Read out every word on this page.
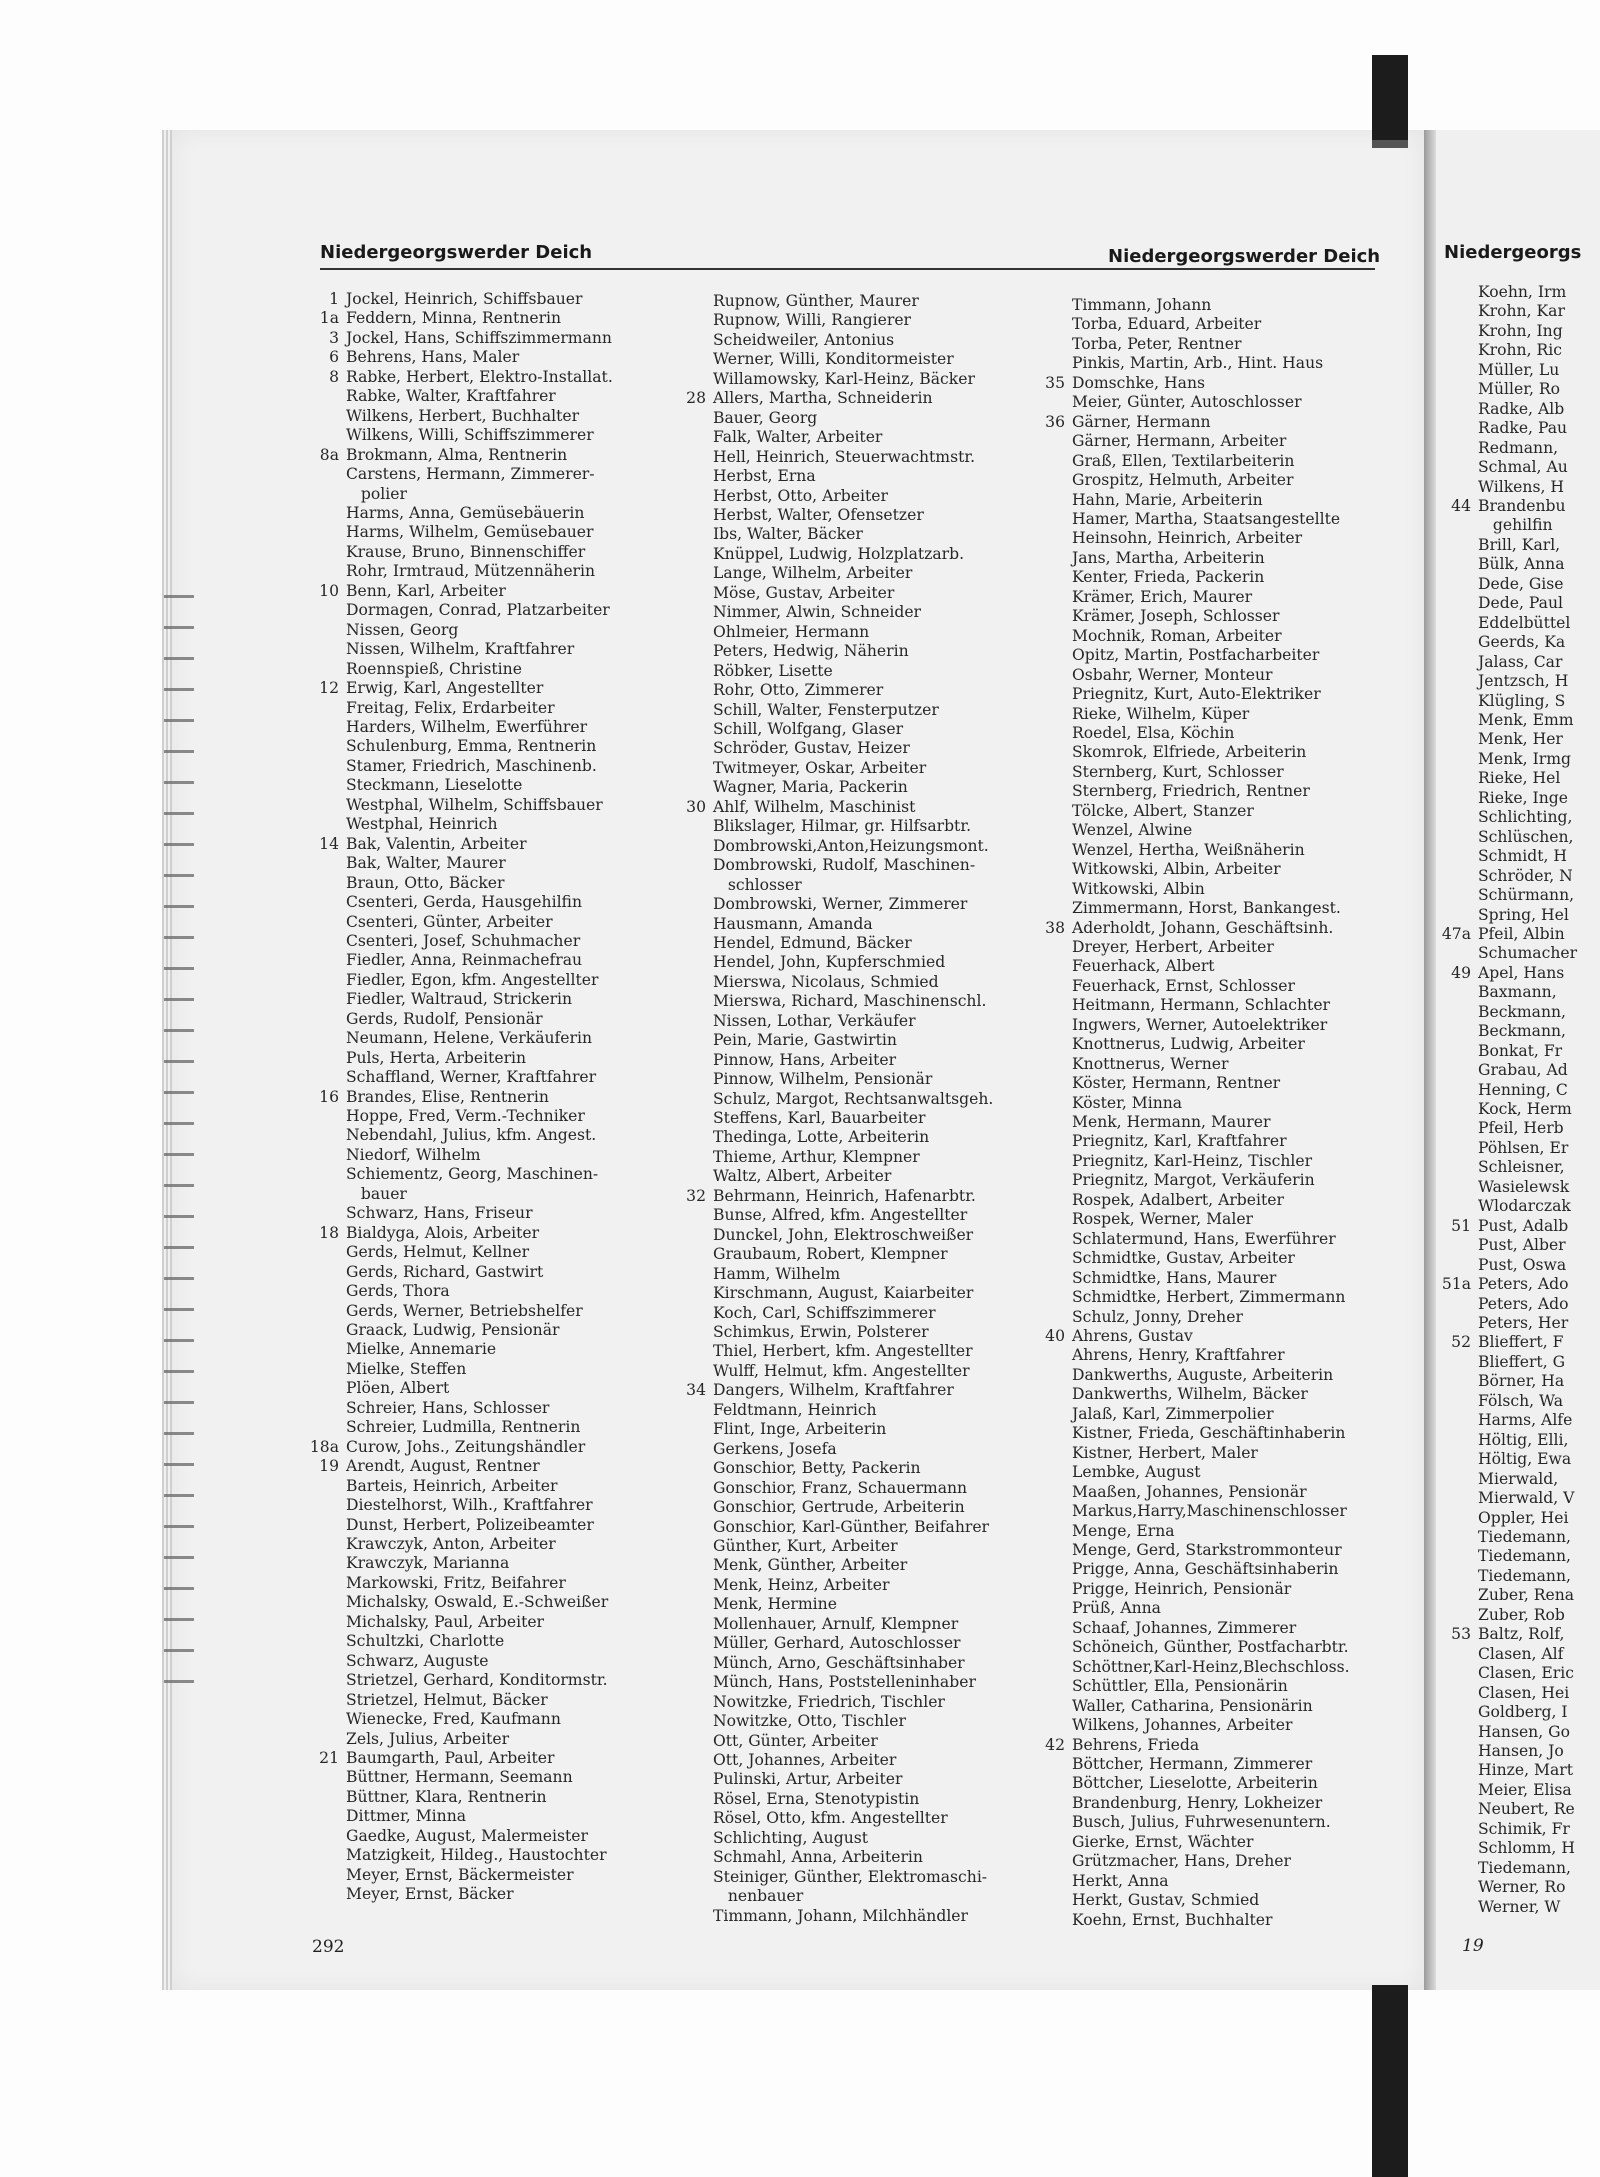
Niedergeorgs
Koehn, Irm
Krohn, Kar
Krohn, Ing
Krohn, Ric
Müller, Lu
Müller, Ro
Radke, Alb
Radke, Pau
Redmann,
Schmal, Au
Wilkens, H
44 Brandenbu
gehilfin
Brill, Karl,
Bülk, Anna
Dede, Gise
Dede, Paul
Eddelbüttel
Geerds, Ka
Jalass, Car
Jentzsch, H
Klügling, S
Menk, Emm
Menk, Her
Menk, Irmg
Rieke, Hel
Rieke, Inge
Schlichting,
Schlüschen,
Schmidt, H
Schröder, N
Schürmann,
Spring, Hel
47a Pfeil, Albin
Schumacher
49 Apel, Hans
Baxmann,
Beckmann,
Beckmann,
Bonkat, Fr
Grabau, Ad
Henning, C
Kock, Herm
Pfeil, Herb
Pöhlsen, Er
Schleisner,
Wasielewsk
Wlodarczak
51 Pust, Adalb
Pust, Alber
Pust, Oswa
51a Peters, Ado
Peters, Ado
Peters, Her
52 Blieffert, F
Blieffert, G
Börner, Ha
Fölsch, Wa
Harms, Alfe
Höltig, Elli,
Höltig, Ewa
Mierwald,
Mierwald, V
Oppler, Hei
Tiedemann,
Tiedemann,
Tiedemann,
Zuber, Rena
Zuber, Rob
53 Baltz, Rolf,
Clasen, Alf
Clasen, Eric
Clasen, Hei
Goldberg, I
Hansen, Go
Hansen, Jo
Hinze, Mart
Meier, Elisa
Neubert, Re
Schimik, Fr
Schlomm, H
Tiedemann,
Werner, Ro
Werner, W
19
Niedergeorgswerder Deich	Niedergeorgswerder Deich
1 Jockel, Heinrich, Schiffsbauer
1a Feddern, Minna, Rentnerin
3 Jockel, Hans, Schiffszimmermann
6 Behrens, Hans, Maler
8 Rabke, Herbert, Elektro-Installat.
Rabke, Walter, Kraftfahrer
Wilkens, Herbert, Buchhalter
Wilkens, Willi, Schiffszimmerer
8a Brokmann, Alma, Rentnerin
Carstens, Hermann, Zimmerer-
polier
Harms, Anna, Gemüsebäuerin
Harms, Wilhelm, Gemüsebauer
Krause, Bruno, Binnenschiffer
Rohr, Irmtraud, Mützennäherin
10 Benn, Karl, Arbeiter
Dormagen, Conrad, Platzarbeiter
Nissen, Georg
Nissen, Wilhelm, Kraftfahrer
Roennspieß, Christine
12 Erwig, Karl, Angestellter
Freitag, Felix, Erdarbeiter
Harders, Wilhelm, Ewerführer
Schulenburg, Emma, Rentnerin
Stamer, Friedrich, Maschinenb.
Steckmann, Lieselotte
Westphal, Wilhelm, Schiffsbauer
Westphal, Heinrich
14 Bak, Valentin, Arbeiter
Bak, Walter, Maurer
Braun, Otto, Bäcker
Csenteri, Gerda, Hausgehilfin
Csenteri, Günter, Arbeiter
Csenteri, Josef, Schuhmacher
Fiedler, Anna, Reinmachefrau
Fiedler, Egon, kfm. Angestellter
Fiedler, Waltraud, Strickerin
Gerds, Rudolf, Pensionär
Neumann, Helene, Verkäuferin
Puls, Herta, Arbeiterin
Schaffland, Werner, Kraftfahrer
16 Brandes, Elise, Rentnerin
Hoppe, Fred, Verm.-Techniker
Nebendahl, Julius, kfm. Angest.
Niedorf, Wilhelm
Schiementz, Georg, Maschinen-
bauer
Schwarz, Hans, Friseur
18 Bialdyga, Alois, Arbeiter
Gerds, Helmut, Kellner
Gerds, Richard, Gastwirt
Gerds, Thora
Gerds, Werner, Betriebshelfer
Graack, Ludwig, Pensionär
Mielke, Annemarie
Mielke, Steffen
Plöen, Albert
Schreier, Hans, Schlosser
Schreier, Ludmilla, Rentnerin
18a Curow, Johs., Zeitungshändler
19 Arendt, August, Rentner
Barteis, Heinrich, Arbeiter
Diestelhorst, Wilh., Kraftfahrer
Dunst, Herbert, Polizeibeamter
Krawczyk, Anton, Arbeiter
Krawczyk, Marianna
Markowski, Fritz, Beifahrer
Michalsky, Oswald, E.-Schweißer
Michalsky, Paul, Arbeiter
Schultzki, Charlotte
Schwarz, Auguste
Strietzel, Gerhard, Konditormstr.
Strietzel, Helmut, Bäcker
Wienecke, Fred, Kaufmann
Zels, Julius, Arbeiter
21 Baumgarth, Paul, Arbeiter
Büttner, Hermann, Seemann
Büttner, Klara, Rentnerin
Dittmer, Minna
Gaedke, August, Malermeister
Matzigkeit, Hildeg., Haustochter
Meyer, Ernst, Bäckermeister
Meyer, Ernst, Bäcker
Rupnow, Günther, Maurer
Rupnow, Willi, Rangierer
Scheidweiler, Antonius
Werner, Willi, Konditormeister
Willamowsky, Karl-Heinz, Bäcker
28 Allers, Martha, Schneiderin
Bauer, Georg
Falk, Walter, Arbeiter
Hell, Heinrich, Steuerwachtmstr.
Herbst, Erna
Herbst, Otto, Arbeiter
Herbst, Walter, Ofensetzer
Ibs, Walter, Bäcker
Knüppel, Ludwig, Holzplatzarb.
Lange, Wilhelm, Arbeiter
Möse, Gustav, Arbeiter
Nimmer, Alwin, Schneider
Ohlmeier, Hermann
Peters, Hedwig, Näherin
Röbker, Lisette
Rohr, Otto, Zimmerer
Schill, Walter, Fensterputzer
Schill, Wolfgang, Glaser
Schröder, Gustav, Heizer
Twitmeyer, Oskar, Arbeiter
Wagner, Maria, Packerin
30 Ahlf, Wilhelm, Maschinist
Blikslager, Hilmar, gr. Hilfsarbtr.
Dombrowski,Anton,Heizungsmont.
Dombrowski, Rudolf, Maschinen-
schlosser
Dombrowski, Werner, Zimmerer
Hausmann, Amanda
Hendel, Edmund, Bäcker
Hendel, John, Kupferschmied
Mierswa, Nicolaus, Schmied
Mierswa, Richard, Maschinenschl.
Nissen, Lothar, Verkäufer
Pein, Marie, Gastwirtin
Pinnow, Hans, Arbeiter
Pinnow, Wilhelm, Pensionär
Schulz, Margot, Rechtsanwaltsgeh.
Steffens, Karl, Bauarbeiter
Thedinga, Lotte, Arbeiterin
Thieme, Arthur, Klempner
Waltz, Albert, Arbeiter
32 Behrmann, Heinrich, Hafenarbtr.
Bunse, Alfred, kfm. Angestellter
Dunckel, John, Elektroschweißer
Graubaum, Robert, Klempner
Hamm, Wilhelm
Kirschmann, August, Kaiarbeiter
Koch, Carl, Schiffszimmerer
Schimkus, Erwin, Polsterer
Thiel, Herbert, kfm. Angestellter
Wulff, Helmut, kfm. Angestellter
34 Dangers, Wilhelm, Kraftfahrer
Feldtmann, Heinrich
Flint, Inge, Arbeiterin
Gerkens, Josefa
Gonschior, Betty, Packerin
Gonschior, Franz, Schauermann
Gonschior, Gertrude, Arbeiterin
Gonschior, Karl-Günther, Beifahrer
Günther, Kurt, Arbeiter
Menk, Günther, Arbeiter
Menk, Heinz, Arbeiter
Menk, Hermine
Mollenhauer, Arnulf, Klempner
Müller, Gerhard, Autoschlosser
Münch, Arno, Geschäftsinhaber
Münch, Hans, Poststelleninhaber
Nowitzke, Friedrich, Tischler
Nowitzke, Otto, Tischler
Ott, Günter, Arbeiter
Ott, Johannes, Arbeiter
Pulinski, Artur, Arbeiter
Rösel, Erna, Stenotypistin
Rösel, Otto, kfm. Angestellter
Schlichting, August
Schmahl, Anna, Arbeiterin
Steiniger, Günther, Elektromaschi-
nenbauer
Timmann, Johann, Milchhändler
Timmann, Johann
Torba, Eduard, Arbeiter
Torba, Peter, Rentner
Pinkis, Martin, Arb., Hint. Haus
35 Domschke, Hans
Meier, Günter, Autoschlosser
36 Gärner, Hermann
Gärner, Hermann, Arbeiter
Graß, Ellen, Textilarbeiterin
Grospitz, Helmuth, Arbeiter
Hahn, Marie, Arbeiterin
Hamer, Martha, Staatsangestellte
Heinsohn, Heinrich, Arbeiter
Jans, Martha, Arbeiterin
Kenter, Frieda, Packerin
Krämer, Erich, Maurer
Krämer, Joseph, Schlosser
Mochnik, Roman, Arbeiter
Opitz, Martin, Postfacharbeiter
Osbahr, Werner, Monteur
Priegnitz, Kurt, Auto-Elektriker
Rieke, Wilhelm, Küper
Roedel, Elsa, Köchin
Skomrok, Elfriede, Arbeiterin
Sternberg, Kurt, Schlosser
Sternberg, Friedrich, Rentner
Tölcke, Albert, Stanzer
Wenzel, Alwine
Wenzel, Hertha, Weißnäherin
Witkowski, Albin, Arbeiter
Witkowski, Albin
Zimmermann, Horst, Bankangest.
38 Aderholdt, Johann, Geschäftsinh.
Dreyer, Herbert, Arbeiter
Feuerhack, Albert
Feuerhack, Ernst, Schlosser
Heitmann, Hermann, Schlachter
Ingwers, Werner, Autoelektriker
Knottnerus, Ludwig, Arbeiter
Knottnerus, Werner
Köster, Hermann, Rentner
Köster, Minna
Menk, Hermann, Maurer
Priegnitz, Karl, Kraftfahrer
Priegnitz, Karl-Heinz, Tischler
Priegnitz, Margot, Verkäuferin
Rospek, Adalbert, Arbeiter
Rospek, Werner, Maler
Schlatermund, Hans, Ewerführer
Schmidtke, Gustav, Arbeiter
Schmidtke, Hans, Maurer
Schmidtke, Herbert, Zimmermann
Schulz, Jonny, Dreher
40 Ahrens, Gustav
Ahrens, Henry, Kraftfahrer
Dankwerths, Auguste, Arbeiterin
Dankwerths, Wilhelm, Bäcker
Jalaß, Karl, Zimmerpolier
Kistner, Frieda, Geschäftinhaberin
Kistner, Herbert, Maler
Lembke, August
Maaßen, Johannes, Pensionär
Markus,Harry,Maschinenschlosser
Menge, Erna
Menge, Gerd, Starkstrommonteur
Prigge, Anna, Geschäftsinhaberin
Prigge, Heinrich, Pensionär
Prüß, Anna
Schaaf, Johannes, Zimmerer
Schöneich, Günther, Postfacharbtr.
Schöttner,Karl-Heinz,Blechschloss.
Schüttler, Ella, Pensionärin
Waller, Catharina, Pensionärin
Wilkens, Johannes, Arbeiter
42 Behrens, Frieda
Böttcher, Hermann, Zimmerer
Böttcher, Lieselotte, Arbeiterin
Brandenburg, Henry, Lokheizer
Busch, Julius, Fuhrwesenuntern.
Gierke, Ernst, Wächter
Grützmacher, Hans, Dreher
Herkt, Anna
Herkt, Gustav, Schmied
Koehn, Ernst, Buchhalter
292
